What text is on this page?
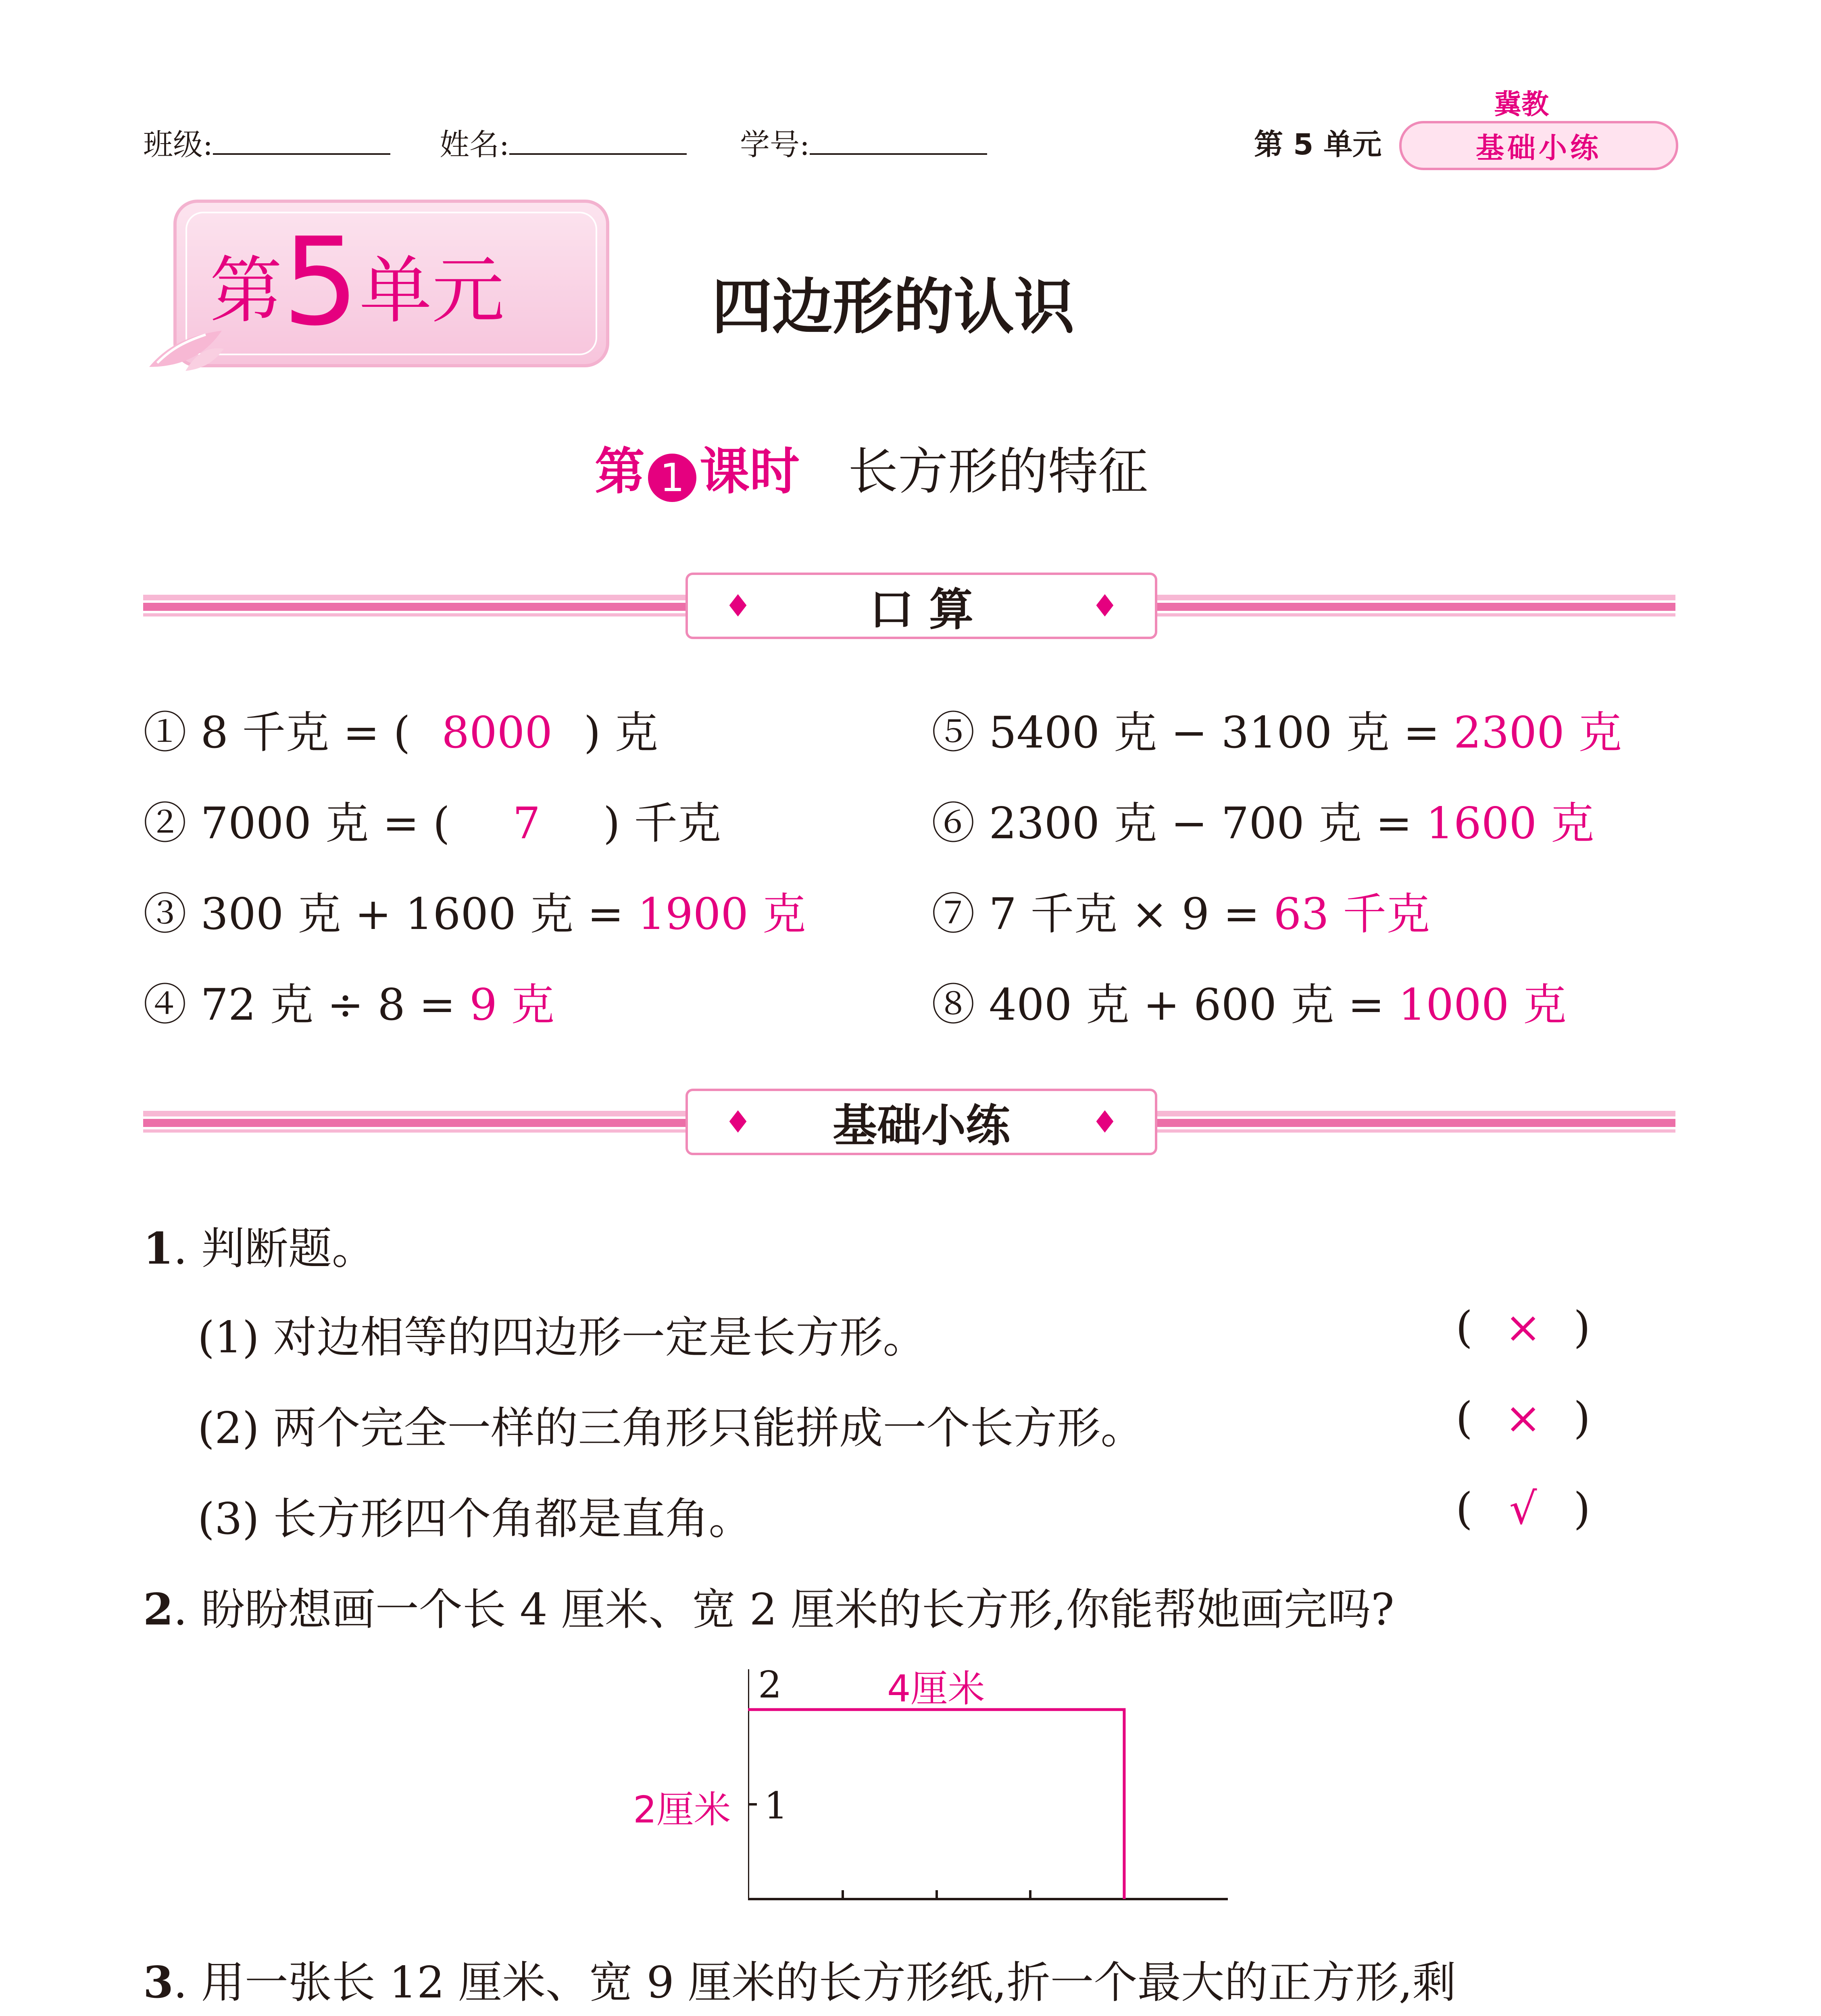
班级:	姓名:	学号:	第 5 单元
冀教
基础小练
第5单元	四边形的认识
第 1 课时 长方形的特征
♦	口 算	♦
① 8 千克 = ( 8000 ) 克
② 7000 克 = ( 7 ) 千克
③ 300 克 + 1600 克 = 1900 克
④ 72 克 ÷ 8 = 9 克
⑤ 5400 克 − 3100 克 = 2300 克
⑥ 2300 克 − 700 克 = 1600 克
⑦ 7 千克 × 9 = 63 千克
⑧ 400 克 + 600 克 = 1000 克
♦ 基础小练	♦
1. 判断题。
(1) 对边相等的四边形一定是长方形。	( × )
(2) 两个完全一样的三角形只能拼成一个长方形。	( × )
(3) 长方形四个角都是直角。	( √ )
2. 盼盼想画一个长 4 厘米、宽 2 厘米的长方形,你能帮她画完吗?
2
1
4厘米
2厘米
3. 用一张长 12 厘米、宽 9 厘米的长方形纸,折一个最大的正方形,剩
